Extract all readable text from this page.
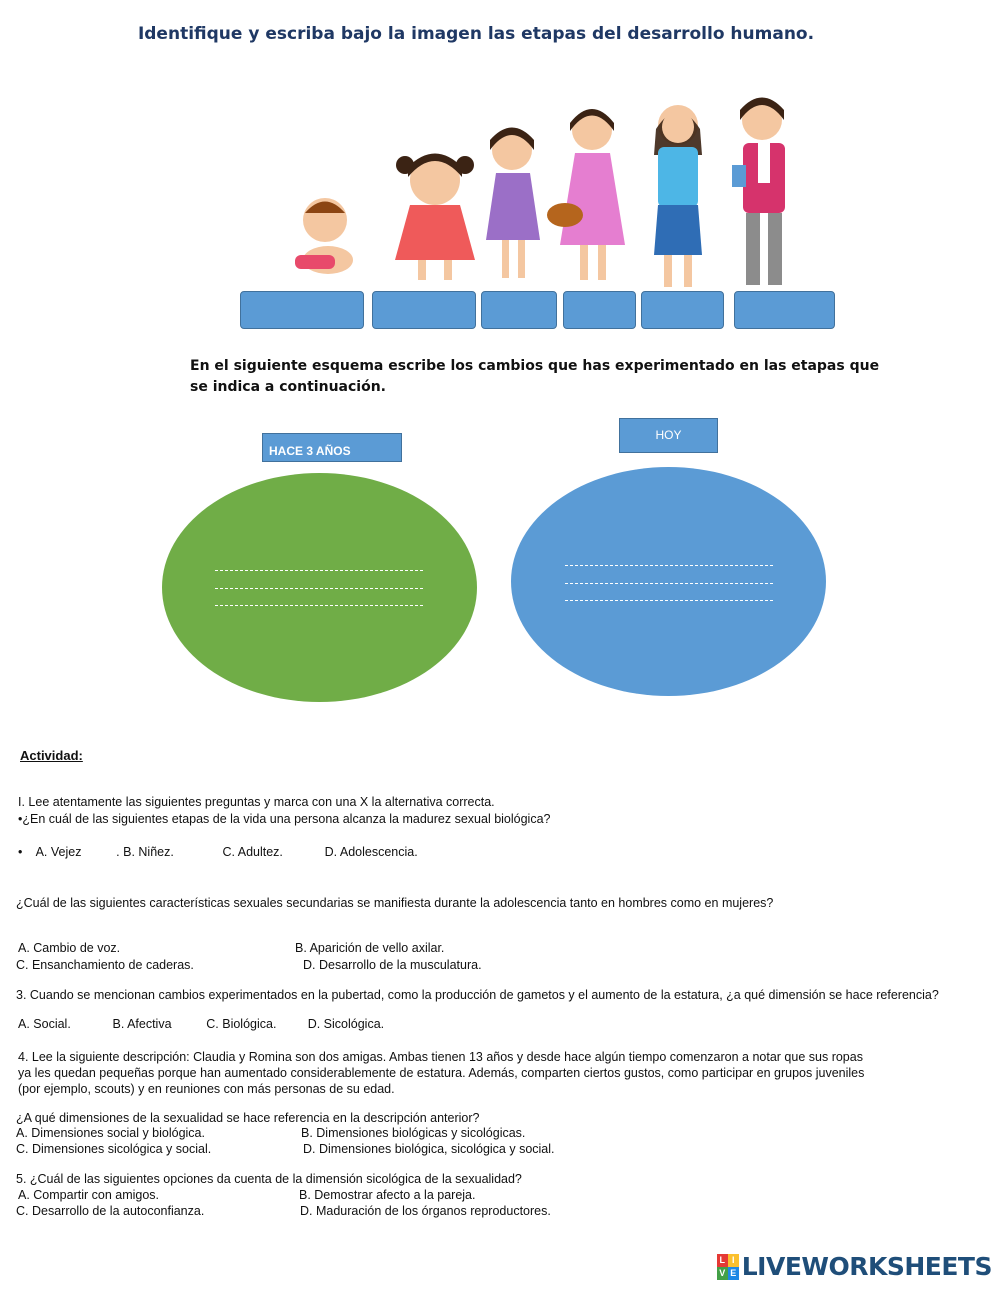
Identifique y escriba bajo la imagen las etapas del desarrollo humano.
En el siguiente esquema escribe los cambios que has experimentado en las etapas que se indica a continuación.
HACE 3 AÑOS
HOY
Actividad:
I. Lee atentamente las siguientes preguntas y marca con una X la alternativa correcta.
•¿En cuál de las siguientes etapas de la vida una persona alcanza la madurez sexual biológica?
•    A. Vejez          . B. Niñez.              C. Adultez.            D. Adolescencia.
¿Cuál de las siguientes características sexuales secundarias se manifiesta durante la adolescencia tanto en hombres como en mujeres?
A. Cambio de voz.	B. Aparición de vello axilar.
C. Ensanchamiento de caderas.	D. Desarrollo de la musculatura.
3. Cuando se mencionan cambios experimentados en la pubertad, como la producción de gametos y el aumento de la estatura, ¿a qué dimensión se hace referencia?
A. Social.            B. Afectiva          C. Biológica.         D. Sicológica.
4. Lee la siguiente descripción: Claudia y Romina son dos amigas. Ambas tienen 13 años y desde hace algún tiempo comenzaron a notar que sus ropas
ya les quedan pequeñas porque han aumentado considerablemente de estatura. Además, comparten ciertos gustos, como participar en grupos juveniles
(por ejemplo, scouts) y en reuniones con más personas de su edad.
¿A qué dimensiones de la sexualidad se hace referencia en la descripción anterior?
A. Dimensiones social y biológica.	B. Dimensiones biológicas y sicológicas.
C. Dimensiones sicológica y social.	D. Dimensiones biológica, sicológica y social.
5. ¿Cuál de las siguientes opciones da cuenta de la dimensión sicológica de la sexualidad?
A. Compartir con amigos.	B. Demostrar afecto a la pareja.
C. Desarrollo de la autoconfianza.	D. Maduración de los órganos reproductores.
L I
V E LIVEWORKSHEETS
